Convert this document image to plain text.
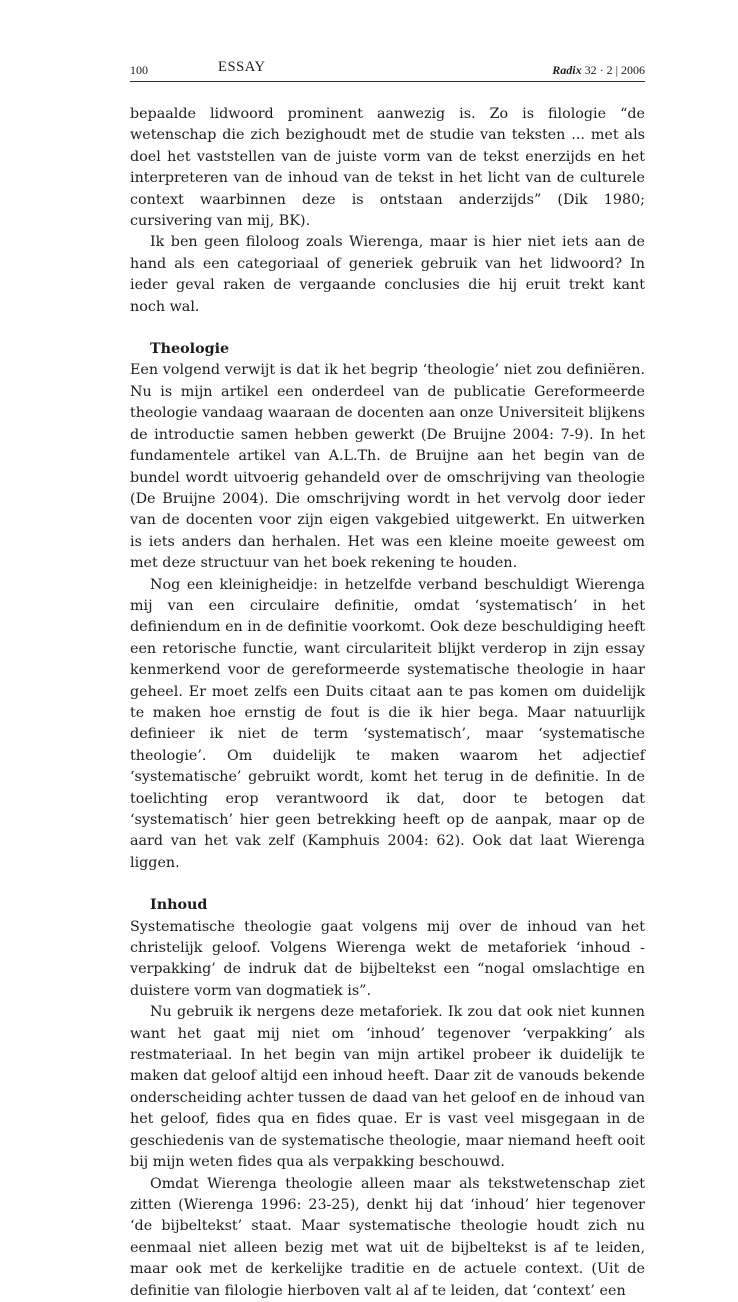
100	ESSAY	Radix 32 · 2 | 2006

bepaalde lidwoord prominent aanwezig is. Zo is filologie “de wetenschap die zich bezighoudt met de studie van teksten ... met als doel het vaststellen van de juiste vorm van de tekst enerzijds en het interpreteren van de inhoud van de tekst in het licht van de culturele context waarbinnen deze is ontstaan anderzijds” (Dik 1980; cursivering van mij, BK).

Ik ben geen filoloog zoals Wierenga, maar is hier niet iets aan de hand als een categoriaal of generiek gebruik van het lidwoord? In ieder geval raken de vergaande conclusies die hij eruit trekt kant noch wal.

Theologie

Een volgend verwijt is dat ik het begrip ‘theologie’ niet zou definiëren. Nu is mijn artikel een onderdeel van de publicatie Gereformeerde theologie vandaag waaraan de docenten aan onze Universiteit blijkens de introductie samen hebben gewerkt (De Bruijne 2004: 7-9). In het fundamentele artikel van A.L.Th. de Bruijne aan het begin van de bundel wordt uitvoerig gehandeld over de omschrijving van theologie (De Bruijne 2004). Die omschrijving wordt in het vervolg door ieder van de docenten voor zijn eigen vakgebied uitgewerkt. En uitwerken is iets anders dan herhalen. Het was een kleine moeite geweest om met deze structuur van het boek rekening te houden.

Nog een kleinigheidje: in hetzelfde verband beschuldigt Wierenga mij van een circulaire definitie, omdat ‘systematisch’ in het definiendum en in de definitie voorkomt. Ook deze beschuldiging heeft een retorische functie, want circulariteit blijkt verderop in zijn essay kenmerkend voor de gereformeerde systematische theologie in haar geheel. Er moet zelfs een Duits citaat aan te pas komen om duidelijk te maken hoe ernstig de fout is die ik hier bega. Maar natuurlijk definieer ik niet de term ‘systematisch’, maar ‘systematische theologie’. Om duidelijk te maken waarom het adjectief ‘systematische’ gebruikt wordt, komt het terug in de definitie. In de toelichting erop verantwoord ik dat, door te betogen dat ‘systematisch’ hier geen betrekking heeft op de aanpak, maar op de aard van het vak zelf (Kamphuis 2004: 62). Ook dat laat Wierenga liggen.

Inhoud

Systematische theologie gaat volgens mij over de inhoud van het christelijk geloof. Volgens Wierenga wekt de metaforiek ‘inhoud - verpakking’ de indruk dat de bijbeltekst een “nogal omslachtige en duistere vorm van dogmatiek is”.

Nu gebruik ik nergens deze metaforiek. Ik zou dat ook niet kunnen want het gaat mij niet om ‘inhoud’ tegenover ‘verpakking’ als restmateriaal. In het begin van mijn artikel probeer ik duidelijk te maken dat geloof altijd een inhoud heeft. Daar zit de vanouds bekende onderscheiding achter tussen de daad van het geloof en de inhoud van het geloof, fides qua en fides quae. Er is vast veel misgegaan in de geschiedenis van de systematische theologie, maar niemand heeft ooit bij mijn weten fides qua als verpakking beschouwd.

Omdat Wierenga theologie alleen maar als tekstwetenschap ziet zitten (Wierenga 1996: 23-25), denkt hij dat ‘inhoud’ hier tegenover ‘de bijbeltekst’ staat. Maar systematische theologie houdt zich nu eenmaal niet alleen bezig met wat uit de bijbeltekst is af te leiden, maar ook met de kerkelijke traditie en de actuele context. (Uit de definitie van filologie hierboven valt al af te leiden, dat ‘context’ een
